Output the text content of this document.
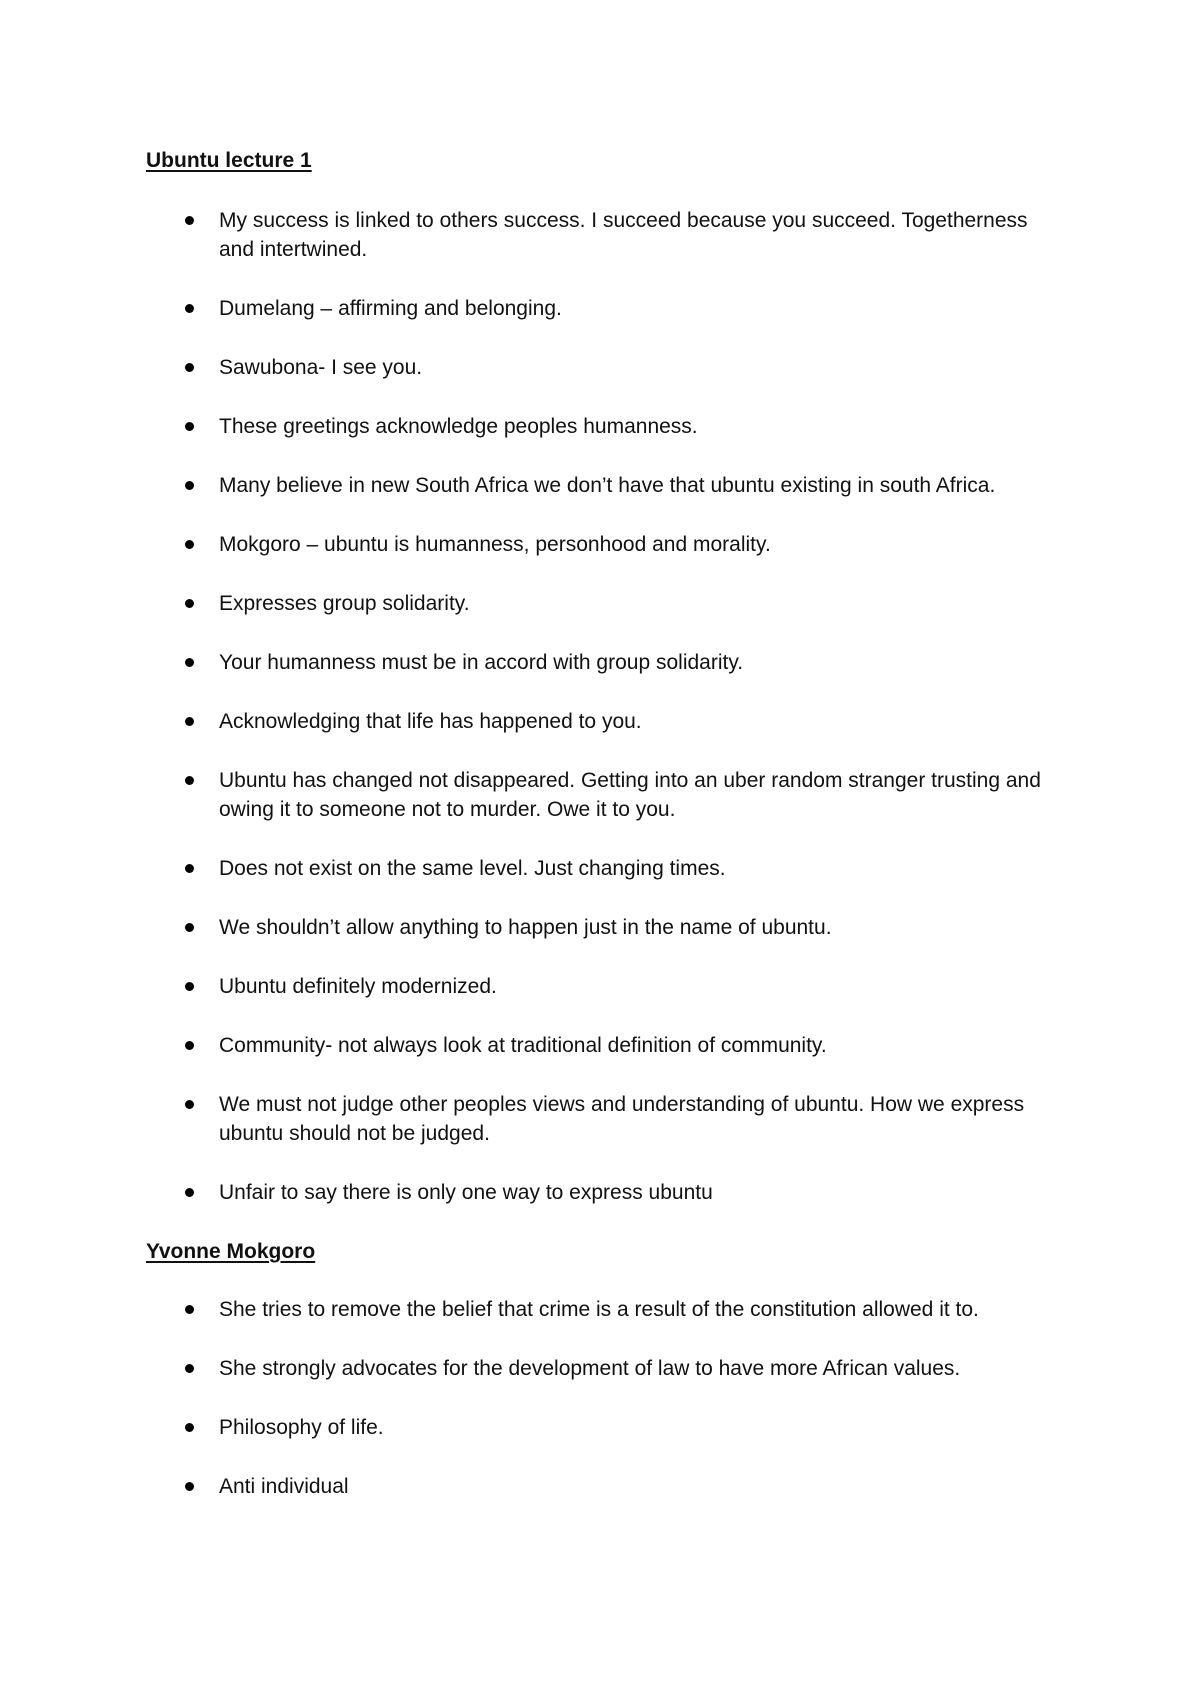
Ubuntu lecture 1
My success is linked to others success. I succeed because you succeed. Togetherness and intertwined.
Dumelang – affirming and belonging.
Sawubona- I see you.
These greetings acknowledge peoples humanness.
Many believe in new South Africa we don’t have that ubuntu existing in south Africa.
Mokgoro – ubuntu is humanness, personhood and morality.
Expresses group solidarity.
Your humanness must be in accord with group solidarity.
Acknowledging that life has happened to you.
Ubuntu has changed not disappeared. Getting into an uber random stranger trusting and owing it to someone not to murder. Owe it to you.
Does not exist on the same level. Just changing times.
We shouldn’t allow anything to happen just in the name of ubuntu.
Ubuntu definitely modernized.
Community- not always look at traditional definition of community.
We must not judge other peoples views and understanding of ubuntu. How we express ubuntu should not be judged.
Unfair to say there is only one way to express ubuntu
Yvonne Mokgoro
She tries to remove the belief that crime is a result of the constitution allowed it to.
She strongly advocates for the development of law to have more African values.
Philosophy of life.
Anti individual
